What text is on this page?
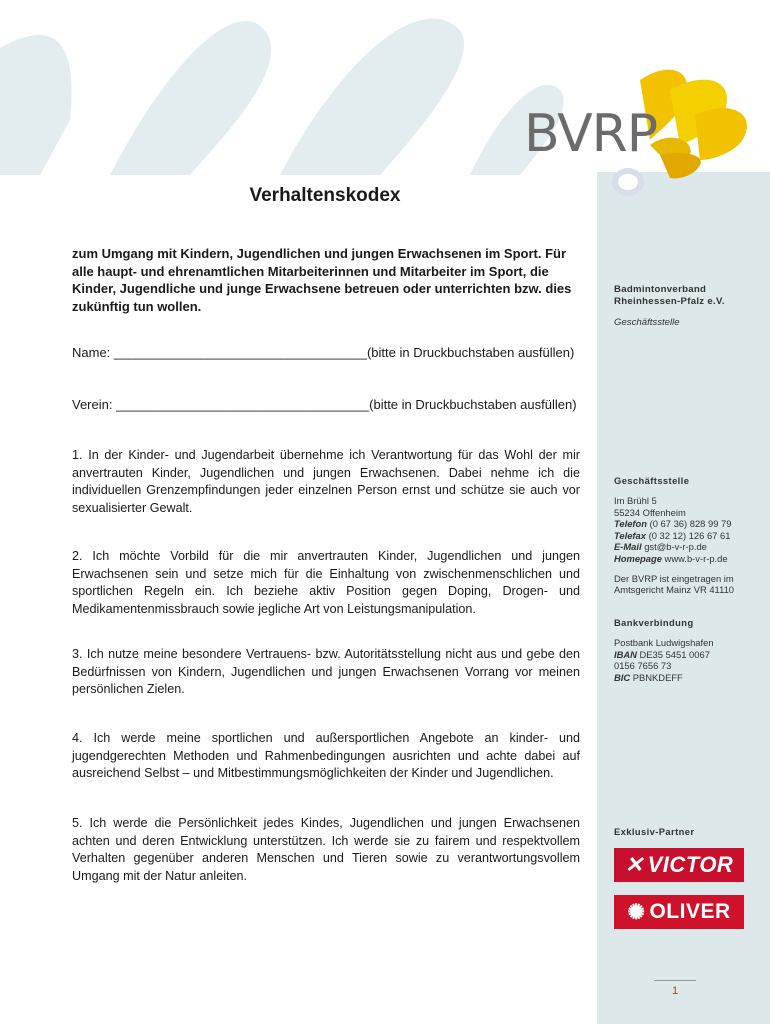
BVRP
Verhaltenskodex

zum Umgang mit Kindern, Jugendlichen und jungen Erwachsenen im Sport. Für alle haupt- und ehrenamtlichen Mitarbeiterinnen und Mitarbeiter im Sport, die Kinder, Jugendliche und junge Erwachsene betreuen oder unterrichten bzw. dies zukünftig tun wollen.

Name: ___________________________________(bitte in Druckbuchstaben ausfüllen)

Verein: ___________________________________(bitte in Druckbuchstaben ausfüllen)

1. In der Kinder- und Jugendarbeit übernehme ich Verantwortung für das Wohl der mir anvertrauten Kinder, Jugendlichen und jungen Erwachsenen. Dabei nehme ich die individuellen Grenzempfindungen jeder einzelnen Person ernst und schütze sie auch vor sexualisierter Gewalt.

2. Ich möchte Vorbild für die mir anvertrauten Kinder, Jugendlichen und jungen Erwachsenen sein und setze mich für die Einhaltung von zwischenmenschlichen und sportlichen Regeln ein. Ich beziehe aktiv Position gegen Doping, Drogen- und Medikamentenmissbrauch sowie jegliche Art von Leistungsmanipulation.

3. Ich nutze meine besondere Vertrauens- bzw. Autoritätsstellung nicht aus und gebe den Bedürfnissen von Kindern, Jugendlichen und jungen Erwachsenen Vorrang vor meinen persönlichen Zielen.

4. Ich werde meine sportlichen und außersportlichen Angebote an kinder- und jugendgerechten Methoden und Rahmenbedingungen ausrichten und achte dabei auf ausreichend Selbst – und Mitbestimmungsmöglichkeiten der Kinder und Jugendlichen.

5. Ich werde die Persönlichkeit jedes Kindes, Jugendlichen und jungen Erwachsenen achten und deren Entwicklung unterstützen. Ich werde sie zu fairem und respektvollem Verhalten gegenüber anderen Menschen und Tieren sowie zu verantwortungsvollem Umgang mit der Natur anleiten.

Badmintonverband
Rheinhessen-Pfalz e.V.
Geschäftsstelle
Geschäftsstelle
Im Brühl 5
55234 Offenheim
Telefon (0 67 36) 828 99 79
Telefax (0 32 12) 126 67 61
E-Mail gst@b-v-r-p.de
Homepage www.b-v-r-p.de
Der BVRP ist eingetragen im
Amtsgericht Mainz VR 41110
Bankverbindung
Postbank Ludwigshafen
IBAN DE35 5451 0067
0156 7656 73
BIC PBNKDEFF
Exklusiv-Partner
✕ VICTOR
✺ OLIVER

1
